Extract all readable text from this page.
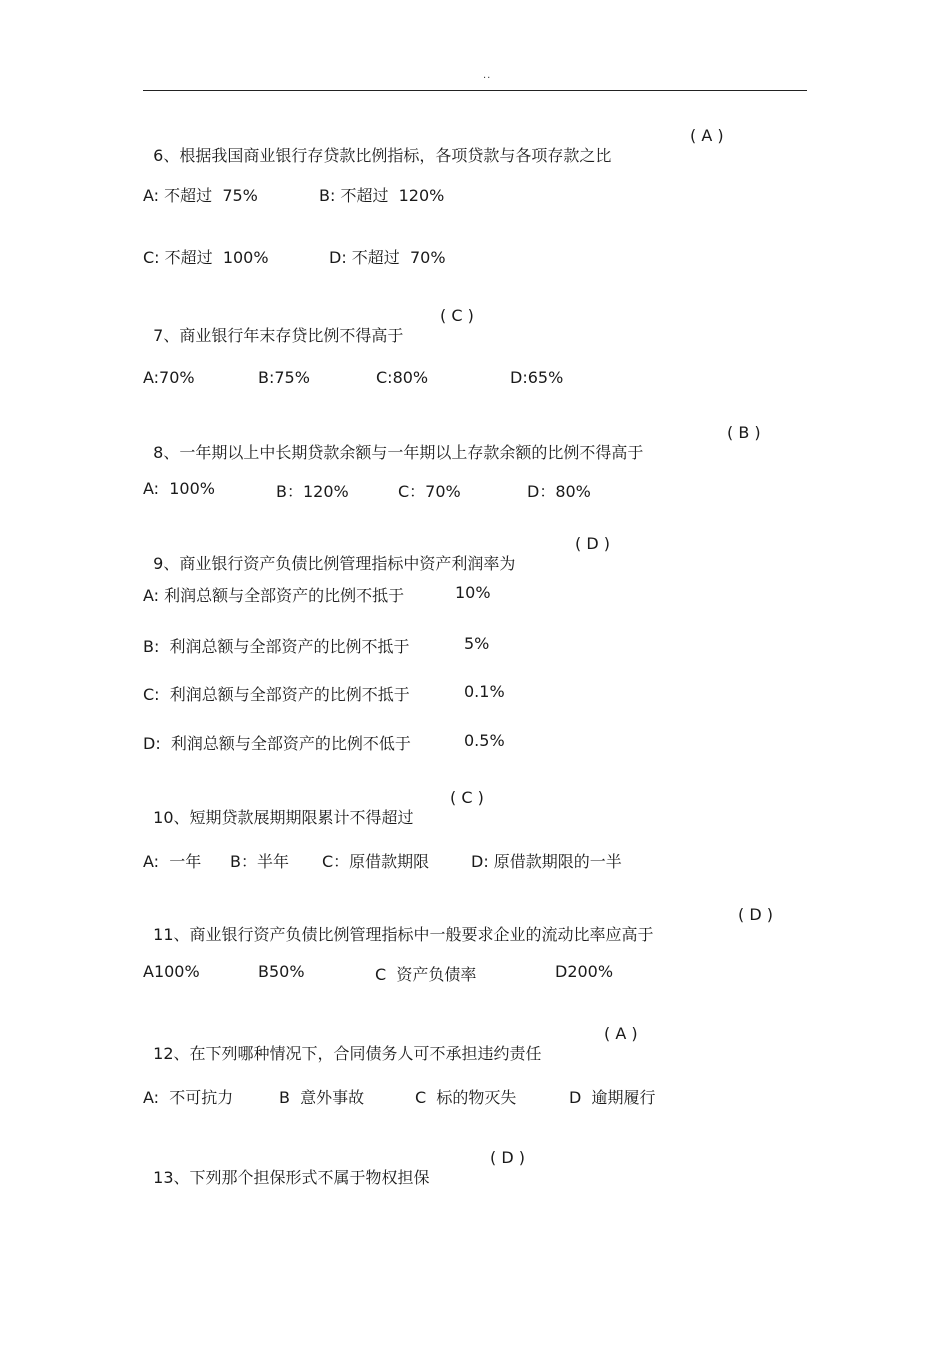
..

6、根据我国商业银行存贷款比例指标，各项贷款与各项存款之比

( A )
A: 不超过  75%	B: 不超过  120%
C: 不超过  100%	D: 不超过  70%

7、商业银行年末存贷比例不得高于

( C )
A:70%	B:75%	C:80%	D:65%

8、一年期以上中长期贷款余额与一年期以上存款余额的比例不得高于

( B )
A:  100%	B：120%	C：70%	D：80%

9、商业银行资产负债比例管理指标中资产利润率为

( D )
A: 利润总额与全部资产的比例不抵于	10%
B:  利润总额与全部资产的比例不抵于	5%
C:  利润总额与全部资产的比例不抵于	0.1%
D:  利润总额与全部资产的比例不低于	0.5%

10、短期贷款展期期限累计不得超过

( C )
A:  一年 B：半年 C：原借款期限	D: 原借款期限的一半

11、商业银行资产负债比例管理指标中一般要求企业的流动比率应高于

( D )
A100%	B50%	C  资产负债率	D200%

12、在下列哪种情况下，合同债务人可不承担违约责任

( A )
A:  不可抗力	B  意外事故	C  标的物灭失	D  逾期履行

13、下列那个担保形式不属于物权担保

( D )
